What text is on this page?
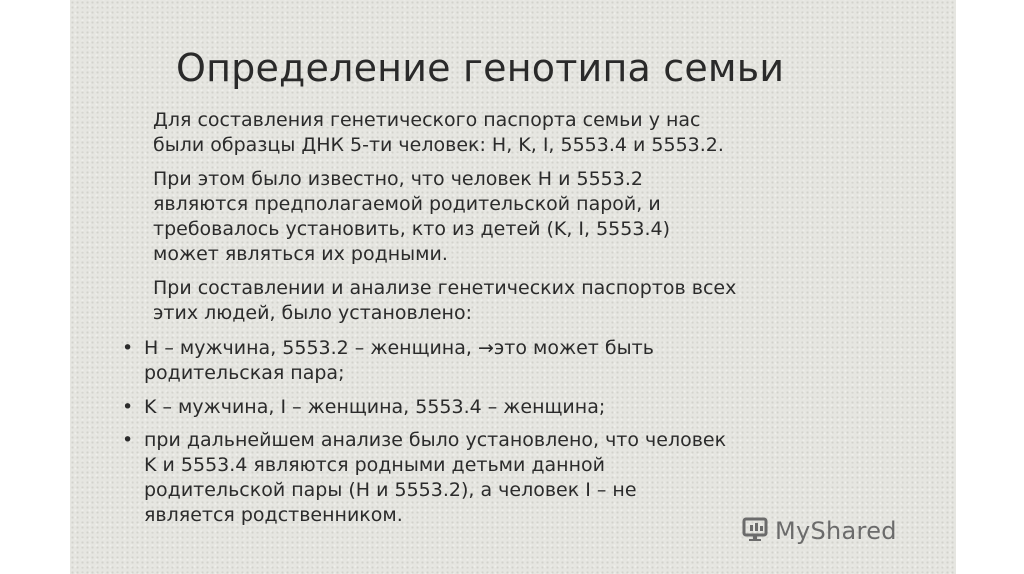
Определение генотипа семьи
Для составления генетического паспорта семьи у нас
были образцы ДНК 5-ти человек: H, K, I, 5553.4 и 5553.2.
При этом было известно, что человек H и 5553.2
являются предполагаемой родительской парой, и
требовалось установить, кто из детей (K, I, 5553.4)
может являться их родными.
При составлении и анализе генетических паспортов всех
этих людей, было установлено:
• H – мужчина, 5553.2 – женщина, →это может быть
родительская пара;
• K – мужчина, I – женщина, 5553.4 – женщина;
• при дальнейшем анализе было установлено, что человек
K и 5553.4 являются родными детьми данной
родительской пары (H и 5553.2), а человек I – не
является родственником.
MyShared
